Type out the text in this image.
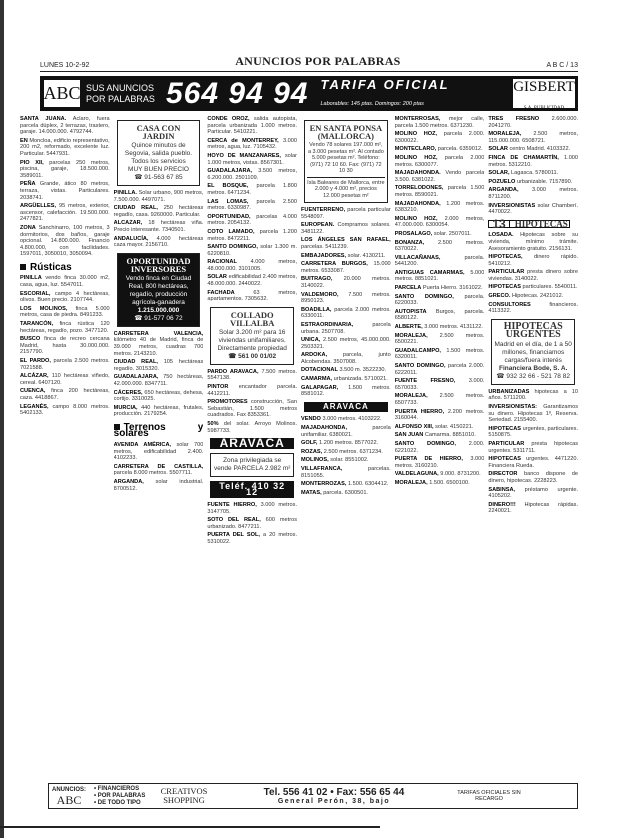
LUNES 10-2-92	ANUNCIOS POR PALABRAS	A B C / 13
ABC SUS ANUNCIOS
POR PALABRAS 564 94 94 TARIFA OFICIAL
Laborables: 145 ptas. Domingos: 200 ptas
GISBERT
S.A. PUBLICIDAD
SANTA JUANA. Aclaro, fuera parcela dúplex, 2 terrazas, trastero, garaje. 14.000.000. 4792744.
EN Moncloa, edificio representativo, 200 m2, reformado, excelente luz. Particular. 5447931.
PIO XII, parcelas 250 metros, piscina, garaje, 18.500.000. 3589011.
PEÑA Grande, ático 80 metros, terraza, vistas. Particulares. 2038741.
ARGÜELLES, 95 metros, exterior, ascensor, calefacción. 19.500.000. 2477821.
ZONA Sanchinarro, 100 metros, 3 dormitorios, dos baños, garaje opcional. 14.800.000. Financio 4.800.000, con facilidades. 1597011, 3050010, 3050094.
Rústicas
PINILLA vendo finca 30.000 m2, casa, agua, luz. 5547011.
ESCORIAL, campo 4 hectáreas, olivos. Buen precio. 2107744.
LOS MOLINOS, finca 5.000 metros, casa de piedra. 8491233.
TARANCÓN, finca rústica 120 hectáreas, regadío, pozo. 3477120.
BUSCO finca de recreo cercana Madrid, hasta 30.000.000. 2157790.
EL PARDO, parcela 2.500 metros. 7021588.
ALCÁZAR, 110 hectáreas viñedo, cereal. 6407120.
CUENCA, finca 200 hectáreas, caza. 4418867.
LEGANÉS, campo 8.000 metros. 5402133.
CASA CON JARDIN
Quince minutos de Segovia, salida pueblo. Todos los servicios
MUY BUEN PRECIO
☎ 91-563 67 85
PINILLA. Solar urbano, 900 metros, 7.500.000. 4497071.
CIUDAD REAL, 250 hectáreas regadío, casa. 9260000. Particular.
ALCAZAR, 18 hectáreas viña. Precio interesante. 7340501.
ANDALUCÍA, 4.000 hectáreas caza mayor. 2156710.
OPORTUNIDAD INVERSORES
Vendo finca en Ciudad Real, 800 hectáreas, regadío, producción agrícola-ganadera
1.215.000.000
☎ 91-577 06 72
CARRETERA VALENCIA, kilómetro 40 de Madrid, finca de 39.000 metros, cuadras 700 metros. 2143210.
CIUDAD REAL, 105 hectáreas regadío. 3015320.
GUADALAJARA, 750 hectáreas, 42.000.000. 8347711.
CÁCERES, 650 hectáreas, dehesa, cortijo. 3310025.
MURCIA, 440 hectáreas, frutales, producción. 2179254.
Terrenos y solares
AVENIDA AMÉRICA, solar 700 metros, edificabilidad 2.400. 4102233.
CARRETERA DE CASTILLA, parcela 8.000 metros. 5507711.
ARGANDA, solar industrial. 8700512.
CONDE OROZ, salida autopista, parcela urbanizada 1.000 metros. Particular. 5410221.
CERCA de MONTERREY, 3.000 metros, agua, luz. 7105432.
HOYO DE MANZANARES, solar 1.000 metros, vistas. 8567301.
GUADALAJARA, 3.500 metros, 6.200.000. 2501109.
EL BOSQUE, parcela 1.800 metros. 6471234.
LAS LOMAS, parcela 2.500 metros. 6330987.
OPORTUNIDAD, parcelas 4.000 metros. 2054132.
COTO LAMADO, parcela 1.200 metros. 8472211.
SANTO DOMINGO, solar 1.300 m. 6220810.
RACIONAL 4.000 metros, 48.000.000. 3101005.
SOLAR edificabilidad 2.400 metros, 48.000.000. 2440022.
FACHADA 63 metros, apartamentos. 7305632.
COLLADO VILLALBA
Solar 3.200 m² para 16 viviendas unifamiliares. Directamente propiedad
☎ 561 00 01/02
PARDO ARAVACA, 7.500 metros. 5547138.
PINTOR encantador parcela. 4412211.
PROMOTORES construcción, San Sebastián, 1.500 metros cuadrados. Fax 8353361.
50% del solar. Arroyo Molinos. 5987733.
ARAVACA
Zona privilegiada se vende PARCELA 2.982 m²
Teléf. 410 32 12
FUENTE HIERRO, 3.000 metros. 3147705.
SOTO DEL REAL, 600 metros urbanizado. 8477211.
PUERTA DEL SOL, a 20 metros. 5310022.
EN SANTA PONSA (MALLORCA)
Vendo 78 solares 197.000 m², a 3.000 pesetas m². Al contado 5.000 pesetas m². Teléfono: (971) 72 10 60. Fax: (971) 72 10 30
Isla Baleares de Mallorca, entre 2.000 y 4.000 m², precios 12.000 pesetas m²
FUENTERRENO, parcela particular 5548097.
EUROPEAN. Compramos solares. 3481122.
LOS ÁNGELES SAN RAFAEL, parcelas. 5411239.
EMBAJADORES, solar. 4130211.
CARRETERA BURGOS, 15.000 metros. 6533087.
BUITRAGO, 20.000 metros. 3140022.
VALDEMORO, 7.500 metros. 8950123.
BOADILLA, parcela 2.000 metros. 6330011.
ESTRAORDINARIA, parcela urbana. 2507708.
UNICA, 2.500 metros, 45.000.000. 2503321.
ARDOKA, parcela, junto Alcobendas. 3507008.
DOTACIONAL 3.500 m. 3522230.
CAMARMA, urbanizada. 5710021.
GALAPAGAR, 1.500 metros. 8581012.
ARAVACA
VENDO 3.000 metros. 4103222.
MAJADAHONDA, parcela unifamiliar. 6380021.
GOLF, 1.200 metros. 8577022.
ROZAS, 2.500 metros. 6371234.
MOLINOS, solar. 8551002.
VILLAFRANCA, parcelas. 8151055.
MONTERROZAS, 1.500. 6304412.
MATAS, parcela. 6300501.
MONTERROSAS, mejor calle, parcela 1.500 metros. 6371230.
MOLINO HOZ, parcela 2.000. 6300022.
MONTECLARO, parcela. 6359012.
MOLINO HOZ, parcela 2.000 metros. 6300077.
MAJADAHONDA. Vendo parcela 3.500. 6381022.
TORRELODONES, parcela 1.500 metros. 8590021.
MAJADAHONDA, 1.200 metros. 6383210.
MOLINO HOZ, 2.000 metros, 47.000.000. 6300054.
PROSALAGO, solar. 2507011.
BONANZA, 2.500 metros. 6370022.
VILLACAÑANAS, parcela. 5441200.
ANTIGUAS CAMARMAS, 5.000 metros. 8851021.
PARCELA Puerta Hierro. 3161022.
SANTO DOMINGO, parcela. 6220033.
AUTOPISTA Burgos, parcela. 6580122.
ALBERTE, 3.000 metros. 4131122.
MORALEJA, 2.500 metros. 6500221.
GUADALCAMPO, 1.500 metros. 6320011.
SANTO DOMINGO, parcela 2.000. 6222011.
FUENTE FRESNO, 3.000. 6570033.
MORALEJA, 2.500 metros. 6507733.
PUERTA HIERRO, 2.200 metros. 3160044.
ALFONSO XIII, solar. 4150221.
SAN JUAN Camarma. 8851010.
SANTO DOMINGO, 2.000. 6221022.
PUERTA DE HIERRO, 3.000 metros. 3160210.
VALDELAGUNA, 9.000. 8731200.
MORALEJA, 1.500. 6500100.
TRES FRESNO 2.600.000. 2041270.
MORALEJA, 2.500 metros, 115.000.000. 6508721.
SOLAR centro Madrid. 4103322.
FINCA DE CHAMARTÍN, 1.000 metros. 5312210.
SOLAR, Lagasca. 5780011.
POZUELO urbanizable. 7157890.
ARGANDA, 3.000 metros. 8711200.
INVERSIONISTAS solar Chamberí. 4470022.
13	HIPOTECAS
LOSADA. Hipotecas sobre su vivienda, mínimo trámite. Asesoramiento gratuito. 2156131.
HIPOTECAS, dinero rápido. 5410212.
PARTICULAR presta dinero sobre viviendas. 3140022.
HIPOTECAS particulares. 5540011.
GRECO. Hipotecas. 2421012.
CONSULTORES financieros. 4113322.
HIPOTECAS URGENTES
Madrid en el día, de 1 a 50 millones, financiamos cargas/fuera interés
Financiera Bode, S. A.
☎ 932 32 66 - 521 78 82
URBANIZADAS hipotecas a 10 años. 5711200.
INVERSIONISTAS: Garantizamos su dinero. Hipotecas 1º, Reserva. Seriedad. 2155400.
HIPOTECAS urgentes, particulares. 5150875.
PARTICULAR presta hipotecas urgentes. 5311711.
HIPOTECAS urgentes. 4471220. Financiera Rueda.
DIRECTOR banco dispone de dinero, hipotecas. 2228223.
SABINSA, préstamo urgente. 4105202.
DINERO!!! Hipotecas rápidas. 2240021.
ANUNCIOS:
ABC
• FINANCIEROS
• POR PALABRAS
• DE TODO TIPO
CREATIVOS SHOPPING
Tel. 556 41 02 • Fax: 556 65 44
General Perón, 38, bajo
TARIFAS OFICIALES SIN RECARGO
